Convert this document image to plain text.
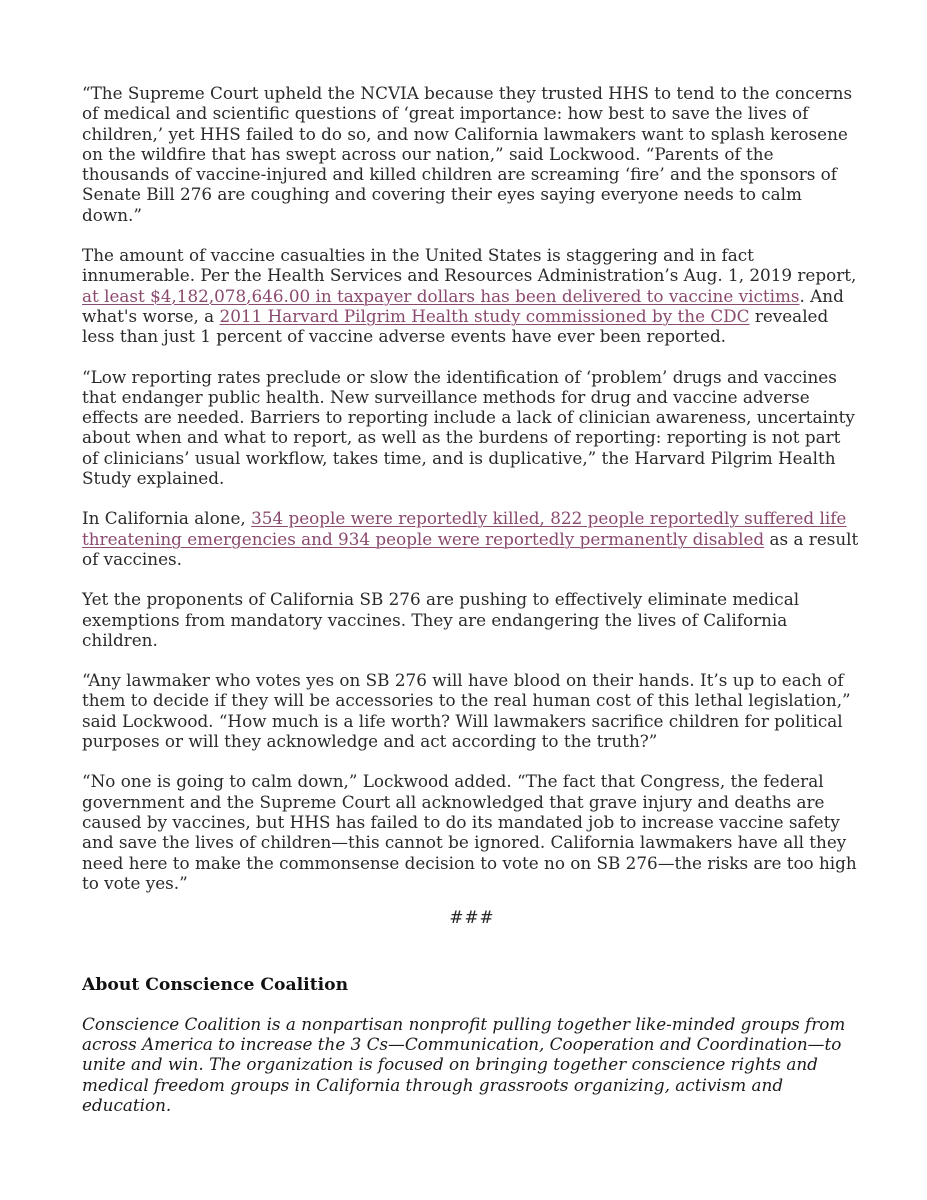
“The Supreme Court upheld the NCVIA because they trusted HHS to tend to the concerns of medical and scientific questions of ‘great importance: how best to save the lives of children,’ yet HHS failed to do so, and now California lawmakers want to splash kerosene on the wildfire that has swept across our nation,” said Lockwood. “Parents of the thousands of vaccine-injured and killed children are screaming ‘fire’ and the sponsors of Senate Bill 276 are coughing and covering their eyes saying everyone needs to calm down.”

The amount of vaccine casualties in the United States is staggering and in fact innumerable. Per the Health Services and Resources Administration’s Aug. 1, 2019 report, at least $4,182,078,646.00 in taxpayer dollars has been delivered to vaccine victims. And what's worse, a 2011 Harvard Pilgrim Health study commissioned by the CDC revealed less than just 1 percent of vaccine adverse events have ever been reported.

“Low reporting rates preclude or slow the identification of ‘problem’ drugs and vaccines that endanger public health. New surveillance methods for drug and vaccine adverse effects are needed. Barriers to reporting include a lack of clinician awareness, uncertainty about when and what to report, as well as the burdens of reporting: reporting is not part of clinicians’ usual workflow, takes time, and is duplicative,” the Harvard Pilgrim Health Study explained.

In California alone, 354 people were reportedly killed, 822 people reportedly suffered life threatening emergencies and 934 people were reportedly permanently disabled as a result of vaccines.

Yet the proponents of California SB 276 are pushing to effectively eliminate medical exemptions from mandatory vaccines. They are endangering the lives of California children.

“Any lawmaker who votes yes on SB 276 will have blood on their hands. It’s up to each of them to decide if they will be accessories to the real human cost of this lethal legislation,” said Lockwood. “How much is a life worth? Will lawmakers sacrifice children for political purposes or will they acknowledge and act according to the truth?”

“No one is going to calm down,” Lockwood added. “The fact that Congress, the federal government and the Supreme Court all acknowledged that grave injury and deaths are caused by vaccines, but HHS has failed to do its mandated job to increase vaccine safety and save the lives of children—this cannot be ignored. California lawmakers have all they need here to make the commonsense decision to vote no on SB 276—the risks are too high to vote yes.”

###
About Conscience Coalition

Conscience Coalition is a nonpartisan nonprofit pulling together like-minded groups from across America to increase the 3 Cs—Communication, Cooperation and Coordination—to unite and win. The organization is focused on bringing together conscience rights and medical freedom groups in California through grassroots organizing, activism and education.
